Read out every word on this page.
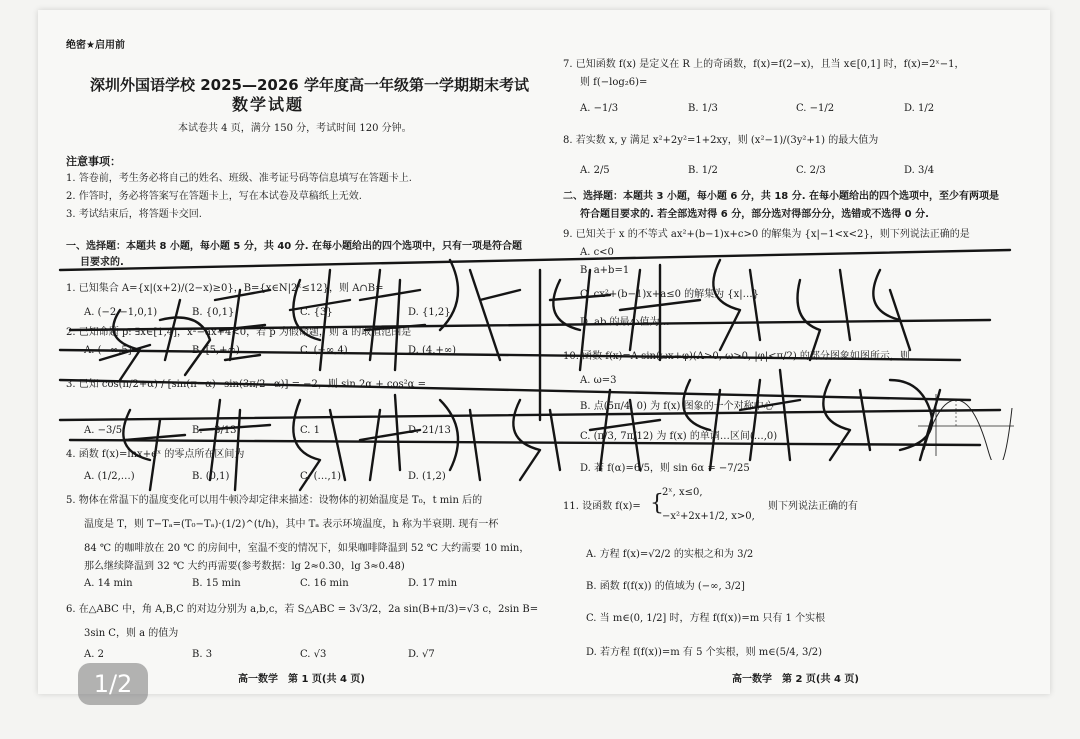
绝密★启用前
深圳外国语学校 2025—2026 学年度高一年级第一学期期末考试
数学试题
本试卷共 4 页，满分 150 分，考试时间 120 分钟。
注意事项：
1. 答卷前，考生务必将自己的姓名、班级、准考证号码等信息填写在答题卡上.
2. 作答时，务必将答案写在答题卡上，写在本试卷及草稿纸上无效.
3. 考试结束后，将答题卡交回.
一、选择题：本题共 8 小题，每小题 5 分，共 40 分. 在每小题给出的四个选项中，只有一项是符合题
目要求的.
1. 已知集合 A={x|(x+2)/(2−x)≥0}，B={x∈N|2ˣ≤12}，则 A∩B=
A. (−2,−1,0,1)	B. {0,1}	C. {3}	D. {1,2}
2. 已知命题 p: ∃x∈[1,4]，x²−ax+4<0，若 p 为假命题，则 a 的取值范围是
A. (−∞,5]	B. [5,+∞)	C. (−∞,4)	D. (4,+∞)
3. 已知 cos(π/2+α) / [sin(π−α)−sin(3π/2−α)] = −2，则 sin 2α + cos²α =
A. −3/5	B. −3/13	C. 1	D. 21/13
4. 函数 f(x)=lnx+eˣ 的零点所在区间为
A. (1/2,…)	B. (0,1)	C. (…,1)	D. (1,2)
5. 物体在常温下的温度变化可以用牛顿冷却定律来描述：设物体的初始温度是 T₀，t min 后的
温度是 T，则 T−Tₐ=(T₀−Tₐ)·(1/2)^(t/h)，其中 Tₐ 表示环境温度，h 称为半衰期. 现有一杯
84 ℃ 的咖啡放在 20 ℃ 的房间中，室温不变的情况下，如果咖啡降温到 52 ℃ 大约需要 10 min，
那么继续降温到 32 ℃ 大约再需要(参考数据：lg 2≈0.30，lg 3≈0.48)
A. 14 min	B. 15 min	C. 16 min	D. 17 min
6. 在△ABC 中，角 A,B,C 的对边分别为 a,b,c，若 S△ABC = 3√3/2，2a sin(B+π/3)=√3 c，2sin B=
3sin C，则 a 的值为
A. 2	B. 3	C. √3	D. √7
高一数学　第 1 页(共 4 页)
7. 已知函数 f(x) 是定义在 R 上的奇函数，f(x)=f(2−x)，且当 x∈[0,1] 时，f(x)=2ˣ−1，
则 f(−log₂6)=
A. −1/3	B. 1/3	C. −1/2	D. 1/2
8. 若实数 x, y 满足 x²+2y²=1+2xy，则 (x²−1)/(3y²+1) 的最大值为
A. 2/5	B. 1/2	C. 2/3	D. 3/4
二、选择题：本题共 3 小题，每小题 6 分，共 18 分. 在每小题给出的四个选项中，至少有两项是
符合题目要求的. 若全部选对得 6 分，部分选对得部分分，选错或不选得 0 分.
9. 已知关于 x 的不等式 ax²+(b−1)x+c>0 的解集为 {x|−1<x<2}，则下列说法正确的是
A. c<0
B. a+b=1
C. cx²+(b−1)x+a≤0 的解集为 {x|…}
D. ab 的最小值为…
10. 函数 f(x)=A sin(ωx+φ)(A>0, ω>0, |φ|<π/2) 的部分图象如图所示，则
A. ω=3
B. 点(5π/4, 0) 为 f(x) 图象的一个对称中心
C. (π/3, 7π/12) 为 f(x) 的单调…区间(…,0)
D. 若 f(α)=6/5，则 sin 6α = −7/25
11. 设函数 f(x)= {
2ˣ, x≤0,
−x²+2x+1/2, x>0,
则下列说法正确的有
A. 方程 f(x)=√2/2 的实根之和为 3/2
B. 函数 f(f(x)) 的值域为 (−∞, 3/2]
C. 当 m∈(0, 1/2] 时，方程 f(f(x))=m 只有 1 个实根
D. 若方程 f(f(x))=m 有 5 个实根，则 m∈(5/4, 3/2)
高一数学　第 2 页(共 4 页)
1/2
